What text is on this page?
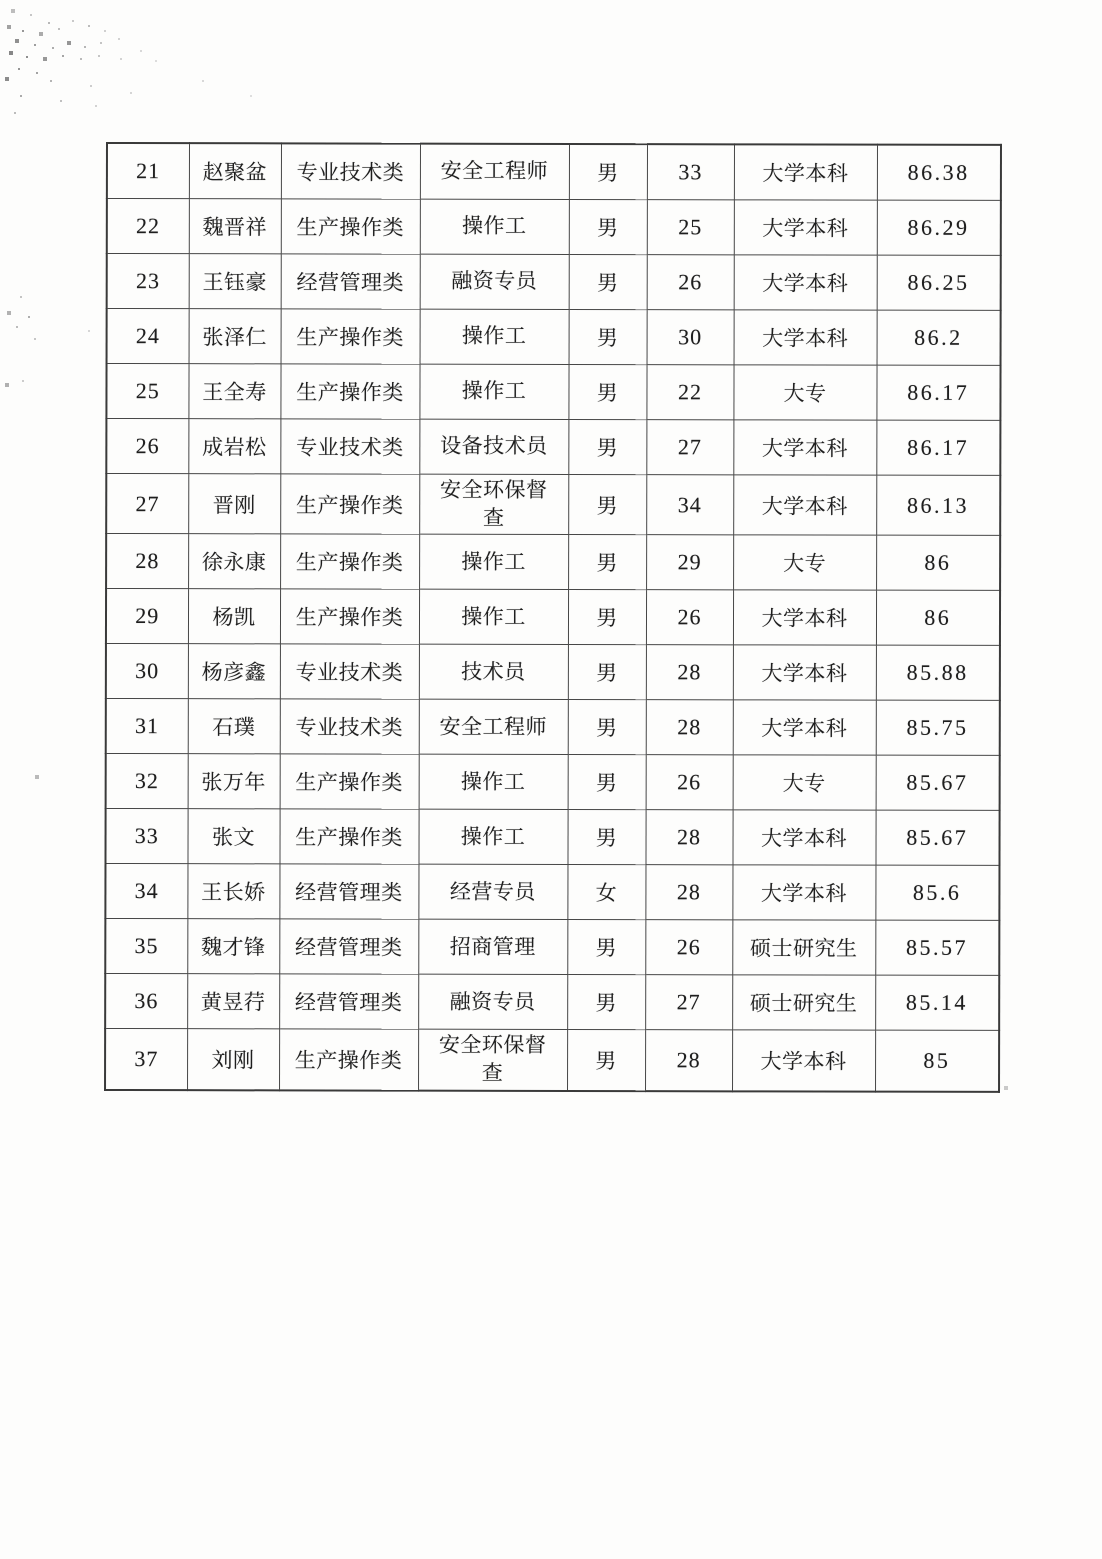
21	赵聚盆	专业技术类	安全工程师	男	33	大学本科	86.38
22	魏晋祥	生产操作类	操作工	男	25	大学本科	86.29
23	王钰豪	经营管理类	融资专员	男	26	大学本科	86.25
24	张泽仁	生产操作类	操作工	男	30	大学本科	86.2
25	王全寿	生产操作类	操作工	男	22	大专	86.17
26	成岩松	专业技术类	设备技术员	男	27	大学本科	86.17
27	晋刚	生产操作类	安全环保督查	男	34	大学本科	86.13
28	徐永康	生产操作类	操作工	男	29	大专	86
29	杨凯	生产操作类	操作工	男	26	大学本科	86
30	杨彦鑫	专业技术类	技术员	男	28	大学本科	85.88
31	石璞	专业技术类	安全工程师	男	28	大学本科	85.75
32	张万年	生产操作类	操作工	男	26	大专	85.67
33	张文	生产操作类	操作工	男	28	大学本科	85.67
34	王长娇	经营管理类	经营专员	女	28	大学本科	85.6
35	魏才锋	经营管理类	招商管理	男	26	硕士研究生	85.57
36	黄昱荇	经营管理类	融资专员	男	27	硕士研究生	85.14
37	刘刚	生产操作类	安全环保督查	男	28	大学本科	85
